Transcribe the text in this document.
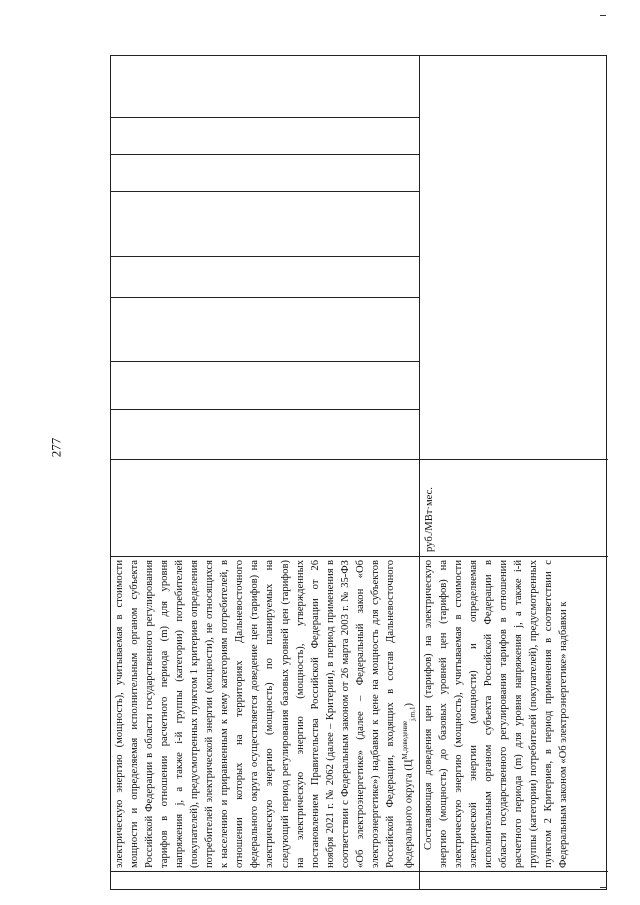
277

электрическую энергию (мощность), учитываемая в стоимости мощности и определяемая исполнительным органом субъекта Российской Федерации в области государственного регулирования тарифов в отношении расчетного периода (m) для уровня напряжения j, а также i-й группы (категории) потребителей (покупателей), предусмотренных пунктом 1 критериев определения потребителей электрической энергии (мощности), не относящихся к населению и приравненным к нему категориям потребителей, в отношении которых на территориях Дальневосточного федерального округа осуществляется доведение цен (тарифов) на электрическую энергию (мощность) по планируемых на следующий период регулирования базовых уровней цен (тарифов) на электрическую энергию (мощность), утвержденных постановлением Правительства Российской Федерации от 26 ноября 2021 г. № 2062 (далее – Критерии), в период применения в соответствии с Федеральным законом от 26 марта 2003 г. № 35-ФЗ «Об электроэнергетике» (далее – Федеральный закон «Об электроэнергетике») надбавки к цене на мощность для субъектов Российской Федерации, входящих в состав Дальневосточного федерального округа $(Ц^{M,доведение}_{j,m,1})$ Составляющая доведения цен (тарифов) на электрическую энергию (мощность) до базовых уровней цен (тарифов) на электрическую энергию (мощность), учитываемая в стоимости электрической энергии (мощности) и определяемая исполнительным органом субъекта Российской Федерации в области государственного регулирования тарифов в отношении расчетного периода (m) для уровня напряжения j, а также i-й группы (категории) потребителей (покупателей), предусмотренных пунктом 2 Критериев, в период применения в соответствии с Федеральным законом «Об электроэнергетике» надбавки к

руб./МВт·мес.
